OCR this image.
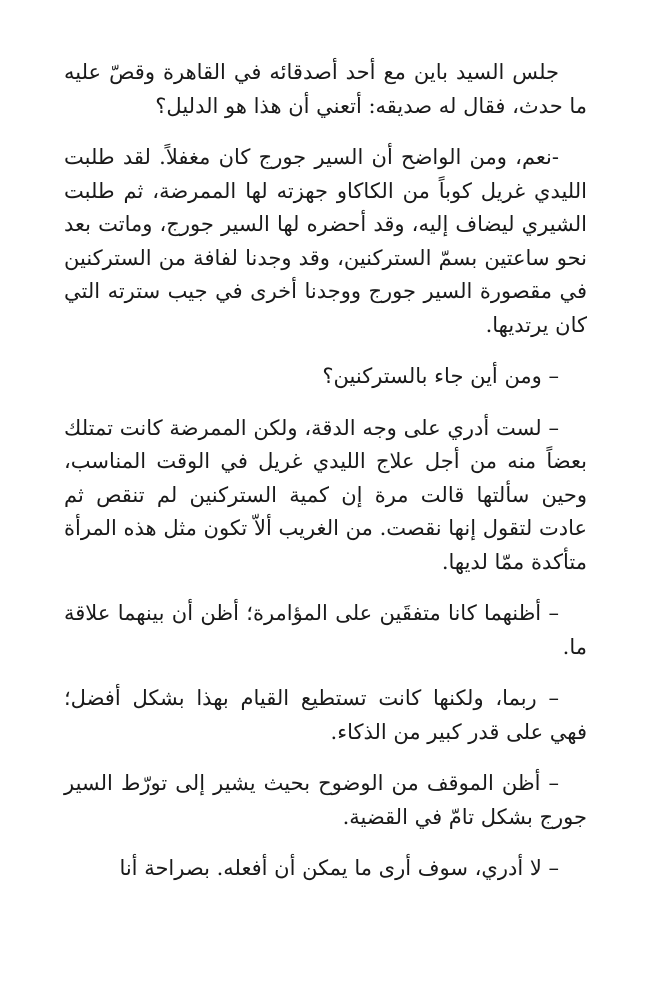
جلس السيد باين مع أحد أصدقائه في القاهرة وقصّ عليه ما حدث، فقال له صديقه: أتعني أن هذا هو الدليل؟

-نعم، ومن الواضح أن السير جورج كان مغفلاً. لقد طلبت الليدي غريل كوباً من الكاكاو جهزته لها الممرضة، ثم طلبت الشيري ليضاف إليه، وقد أحضره لها السير جورج، وماتت بعد نحو ساعتين بسمّ الستركنين، وقد وجدنا لفافة من الستركنين في مقصورة السير جورج ووجدنا أخرى في جيب سترته التي كان يرتديها.

– ومن أين جاء بالستركنين؟

– لست أدري على وجه الدقة، ولكن الممرضة كانت تمتلك بعضاً منه من أجل علاج الليدي غريل في الوقت المناسب، وحين سألتها قالت مرة إن كمية الستركنين لم تنقص ثم عادت لتقول إنها نقصت. من الغريب ألاّ تكون مثل هذه المرأة متأكدة ممّا لديها.

– أظنهما كانا متفقَين على المؤامرة؛ أظن أن بينهما علاقة ما.

– ربما، ولكنها كانت تستطيع القيام بهذا بشكل أفضل؛ فهي على قدر كبير من الذكاء.

– أظن الموقف من الوضوح بحيث يشير إلى تورّط السير جورج بشكل تامّ في القضية.

– لا أدري، سوف أرى ما يمكن أن أفعله. بصراحة أنا
